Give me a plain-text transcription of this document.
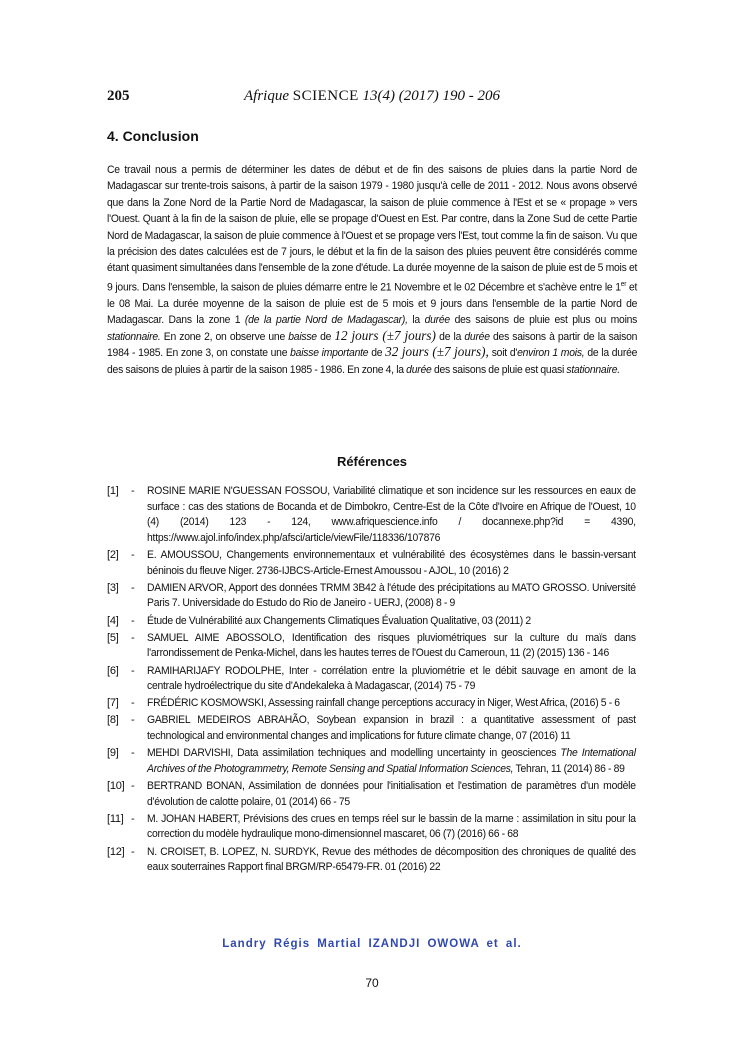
205	Afrique SCIENCE 13(4) (2017) 190 - 206
4. Conclusion
Ce travail nous a permis de déterminer les dates de début et de fin des saisons de pluies dans la partie Nord de Madagascar sur trente-trois saisons, à partir de la saison 1979 - 1980 jusqu'à celle de 2011 - 2012. Nous avons observé que dans la Zone Nord de la Partie Nord de Madagascar, la saison de pluie commence à l'Est et se « propage » vers l'Ouest. Quant à la fin de la saison de pluie, elle se propage d'Ouest en Est. Par contre, dans la Zone Sud de cette Partie Nord de Madagascar, la saison de pluie commence à l'Ouest et se propage vers l'Est, tout comme la fin de saison. Vu que la précision des dates calculées est de 7 jours, le début et la fin de la saison des pluies peuvent être considérés comme étant quasiment simultanées dans l'ensemble de la zone d'étude. La durée moyenne de la saison de pluie est de 5 mois et 9 jours. Dans l'ensemble, la saison de pluies démarre entre le 21 Novembre et le 02 Décembre et s'achève entre le 1er et le 08 Mai. La durée moyenne de la saison de pluie est de 5 mois et 9 jours dans l'ensemble de la partie Nord de Madagascar. Dans la zone 1 (de la partie Nord de Madagascar), la durée des saisons de pluie est plus ou moins stationnaire. En zone 2, on observe une baisse de 12 jours (±7 jours) de la durée des saisons à partir de la saison 1984 - 1985. En zone 3, on constate une baisse importante de 32 jours (±7 jours), soit d'environ 1 mois, de la durée des saisons de pluies à partir de la saison 1985 - 1986. En zone 4, la durée des saisons de pluie est quasi stationnaire.
Références
[1]	-	ROSINE MARIE N'GUESSAN FOSSOU, Variabilité climatique et son incidence sur les ressources en eaux de surface : cas des stations de Bocanda et de Dimbokro, Centre-Est de la Côte d'Ivoire en Afrique de l'Ouest, 10 (4) (2014) 123 - 124, www.afriquescience.info / docannexe.php?id = 4390, https://www.ajol.info/index.php/afsci/article/viewFile/118336/107876
[2]	-	E. AMOUSSOU, Changements environnementaux et vulnérabilité des écosystèmes dans le bassin-versant béninois du fleuve Niger. 2736-IJBCS-Article-Ernest Amoussou - AJOL, 10 (2016) 2
[3]	-	DAMIEN ARVOR, Apport des données TRMM 3B42 à l'étude des précipitations au MATO GROSSO. Université Paris 7. Universidade do Estudo do Rio de Janeiro - UERJ, (2008) 8 - 9
[4]	-	Étude de Vulnérabilité aux Changements Climatiques Évaluation Qualitative, 03 (2011) 2
[5]	-	SAMUEL AIME ABOSSOLO, Identification des risques pluviométriques sur la culture du maïs dans l'arrondissement de Penka-Michel, dans les hautes terres de l'Ouest du Cameroun, 11 (2) (2015) 136 - 146
[6]	-	RAMIHARIJAFY RODOLPHE, Inter - corrélation entre la pluviométrie et le débit sauvage en amont de la centrale hydroélectrique du site d'Andekaleka à Madagascar, (2014) 75 - 79
[7]	-	FRÉDÉRIC KOSMOWSKI, Assessing rainfall change perceptions accuracy in Niger, West Africa, (2016) 5 - 6
[8]	-	GABRIEL MEDEIROS ABRAHÃO, Soybean expansion in brazil : a quantitative assessment of past technological and environmental changes and implications for future climate change, 07 (2016) 11
[9]	-	MEHDI DARVISHI, Data assimilation techniques and modelling uncertainty in geosciences The International Archives of the Photogrammetry, Remote Sensing and Spatial Information Sciences, Tehran, 11 (2014) 86 - 89
[10] -	BERTRAND BONAN, Assimilation de données pour l'initialisation et l'estimation de paramètres d'un modèle d'évolution de calotte polaire, 01 (2014) 66 - 75
[11] -	M. JOHAN HABERT, Prévisions des crues en temps réel sur le bassin de la marne : assimilation in situ pour la correction du modèle hydraulique mono-dimensionnel mascaret, 06 (7) (2016) 66 - 68
[12] -	N. CROISET, B. LOPEZ, N. SURDYK, Revue des méthodes de décomposition des chroniques de qualité des eaux souterraines Rapport final BRGM/RP-65479-FR. 01 (2016) 22
Landry Régis Martial IZANDJI OWOWA et al.
70
